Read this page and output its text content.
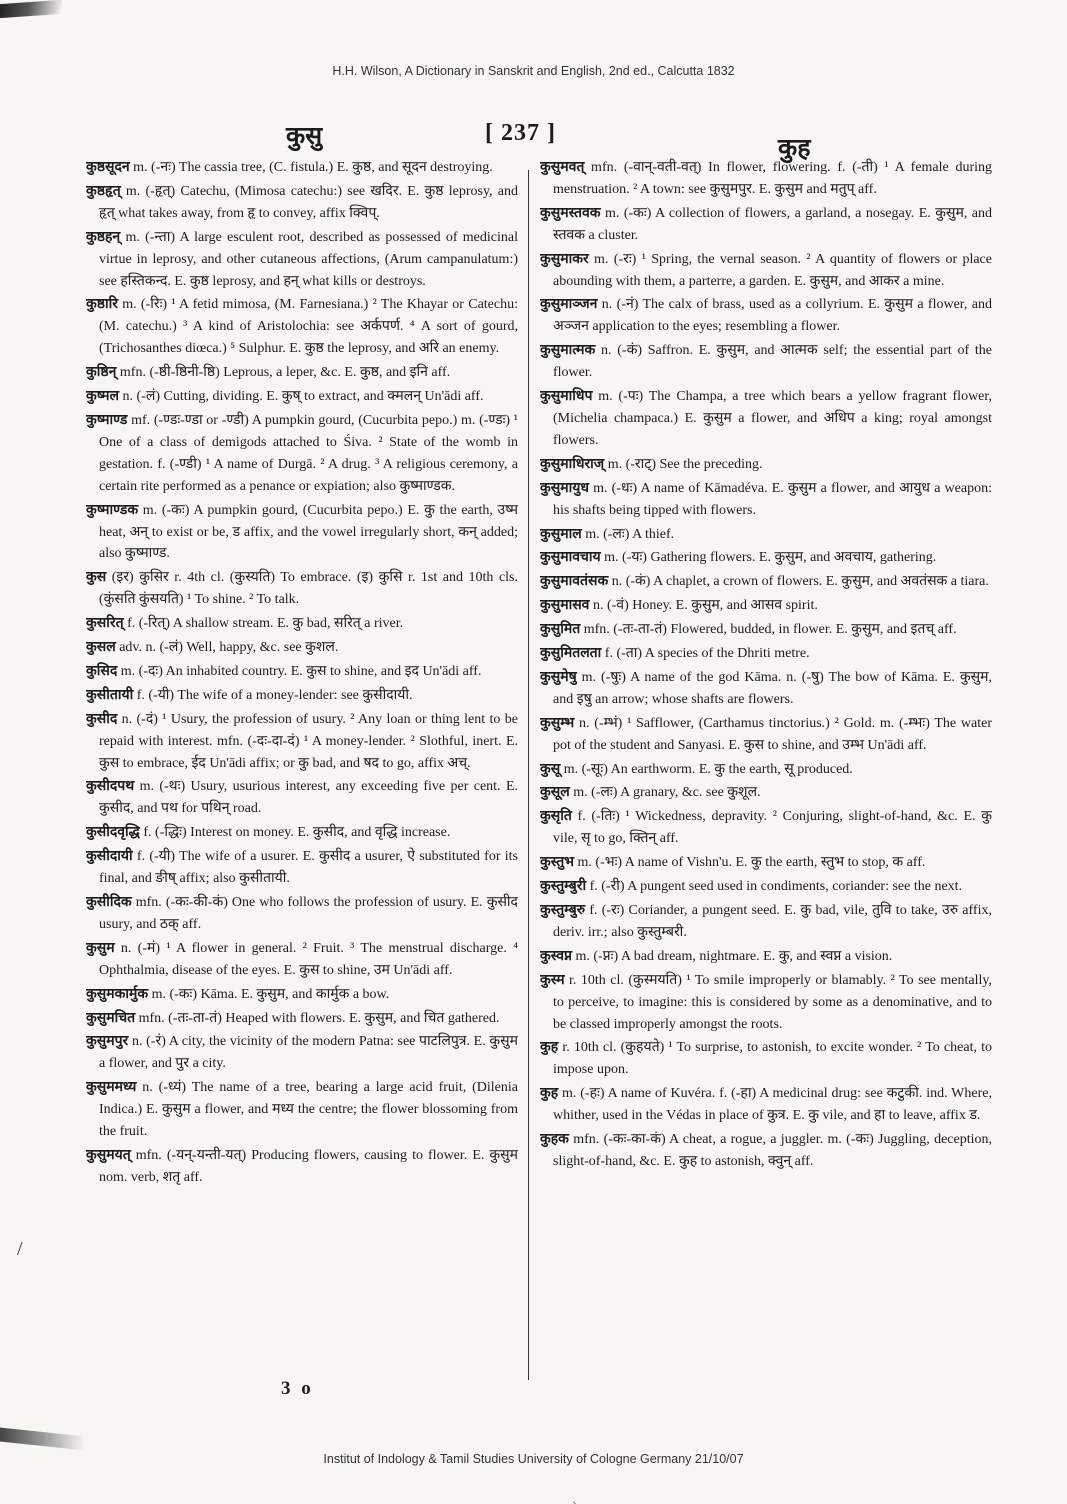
H.H. Wilson, A Dictionary in Sanskrit and English, 2nd ed., Calcutta 1832
कुसु	[ 237 ]
कुह

कुष्ठसूदन m. (-नः) The cassia tree, (C. fistula.) E. कुष्ठ, and सूदन destroying.

कुष्ठहृत् m. (-हृत्) Catechu, (Mimosa catechu:) see खदिर. E. कुष्ठ leprosy, and हृत् what takes away, from हृ to convey, affix क्विप्.

कुष्ठहन् m. (-न्ता) A large esculent root, described as possessed of medicinal virtue in leprosy, and other cutaneous affections, (Arum campanulatum:) see हस्तिकन्द. E. कुष्ठ leprosy, and हन् what kills or destroys.

कुष्ठारि m. (-रिः) ¹ A fetid mimosa, (M. Farnesiana.) ² The Khayar or Catechu: (M. catechu.) ³ A kind of Aristolochia: see अर्कपर्ण. ⁴ A sort of gourd, (Trichosanthes diœca.) ⁵ Sulphur. E. कुष्ठ the leprosy, and अरि an enemy.

कुष्ठिन् mfn. (-ष्ठी-ष्ठिनी-ष्ठि) Leprous, a leper, &c. E. कुष्ठ, and इनि aff.

कुष्मल n. (-लं) Cutting, dividing. E. कुष् to extract, and क्मलन् Un'ādi aff.

कुष्माण्ड mf. (-ण्डः-ण्डा or -ण्डी) A pumpkin gourd, (Cucurbita pepo.) m. (-ण्डः) ¹ One of a class of demigods attached to Śiva. ² State of the womb in gestation. f. (-ण्डी) ¹ A name of Durgā. ² A drug. ³ A religious ceremony, a certain rite performed as a penance or expiation; also कुष्माण्डक.

कुष्माण्डक m. (-कः) A pumpkin gourd, (Cucurbita pepo.) E. कु the earth, उष्म heat, अन् to exist or be, ड affix, and the vowel irregularly short, कन् added; also कुष्माण्ड.

कुस (इर) कुसिर r. 4th cl. (कुस्यति) To embrace. (इ) कुसि r. 1st and 10th cls. (कुंसति कुंसयति) ¹ To shine. ² To talk.

कुसरित् f. (-रित्) A shallow stream. E. कु bad, सरित् a river.

कुसल adv. n. (-लं) Well, happy, &c. see कुशल.

कुसिद m. (-दः) An inhabited country. E. कुस to shine, and इद Un'ādi aff.

कुसीतायी f. (-यी) The wife of a money-lender: see कुसीदायी.

कुसीद n. (-दं) ¹ Usury, the profession of usury. ² Any loan or thing lent to be repaid with interest. mfn. (-दः-दा-दं) ¹ A money-lender. ² Slothful, inert. E. कुस to embrace, ईद Un'ādi affix; or कु bad, and षद to go, affix अच्.

कुसीदपथ m. (-थः) Usury, usurious interest, any exceeding five per cent. E. कुसीद, and पथ for पथिन् road.

कुसीदवृद्धि f. (-द्धिः) Interest on money. E. कुसीद, and वृद्धि increase.

कुसीदायी f. (-यी) The wife of a usurer. E. कुसीद a usurer, ऐ substituted for its final, and ङीष् affix; also कुसीतायी.

कुसीदिक mfn. (-कः-की-कं) One who follows the profession of usury. E. कुसीद usury, and ठक् aff.

कुसुम n. (-मं) ¹ A flower in general. ² Fruit. ³ The menstrual discharge. ⁴ Ophthalmia, disease of the eyes. E. कुस to shine, उम Un'ādi aff.

कुसुमकार्मुक m. (-कः) Kāma. E. कुसुम, and कार्मुक a bow.

कुसुमचित mfn. (-तः-ता-तं) Heaped with flowers. E. कुसुम, and चित gathered.

कुसुमपुर n. (-रं) A city, the vicinity of the modern Patna: see पाटलिपुत्र. E. कुसुम a flower, and पुर a city.

कुसुममध्य n. (-ध्यं) The name of a tree, bearing a large acid fruit, (Dilenia Indica.) E. कुसुम a flower, and मध्य the centre; the flower blossoming from the fruit.

कुसुमयत् mfn. (-यन्-यन्ती-यत्) Producing flowers, causing to flower. E. कुसुम nom. verb, शतृ aff.

कुसुमवत् mfn. (-वान्-वती-वत्) In flower, flowering. f. (-ती) ¹ A female during menstruation. ² A town: see कुसुमपुर. E. कुसुम and मतुप् aff.

कुसुमस्तवक m. (-कः) A collection of flowers, a garland, a nosegay. E. कुसुम, and स्तवक a cluster.

कुसुमाकर m. (-रः) ¹ Spring, the vernal season. ² A quantity of flowers or place abounding with them, a parterre, a garden. E. कुसुम, and आकर a mine.

कुसुमाञ्जन n. (-नं) The calx of brass, used as a collyrium. E. कुसुम a flower, and अञ्जन application to the eyes; resembling a flower.

कुसुमात्मक n. (-कं) Saffron. E. कुसुम, and आत्मक self; the essential part of the flower.

कुसुमाधिप m. (-पः) The Champa, a tree which bears a yellow fragrant flower, (Michelia champaca.) E. कुसुम a flower, and अधिप a king; royal amongst flowers.

कुसुमाधिराज् m. (-राट्) See the preceding.

कुसुमायुध m. (-धः) A name of Kāmadéva. E. कुसुम a flower, and आयुध a weapon: his shafts being tipped with flowers.

कुसुमाल m. (-लः) A thief.

कुसुमावचाय m. (-यः) Gathering flowers. E. कुसुम, and अवचाय, gathering.

कुसुमावतंसक n. (-कं) A chaplet, a crown of flowers. E. कुसुम, and अवतंसक a tiara.

कुसुमासव n. (-वं) Honey. E. कुसुम, and आसव spirit.

कुसुमित mfn. (-तः-ता-तं) Flowered, budded, in flower. E. कुसुम, and इतच् aff.

कुसुमितलता f. (-ता) A species of the Dhriti metre.

कुसुमेषु m. (-षुः) A name of the god Kāma. n. (-षु) The bow of Kāma. E. कुसुम, and इषु an arrow; whose shafts are flowers.

कुसुम्भ n. (-म्भं) ¹ Safflower, (Carthamus tinctorius.) ² Gold. m. (-म्भः) The water pot of the student and Sanyasi. E. कुस to shine, and उम्भ Un'ādi aff.

कुसू m. (-सूः) An earthworm. E. कु the earth, सू produced.

कुसूल m. (-लः) A granary, &c. see कुशूल.

कुसृति f. (-तिः) ¹ Wickedness, depravity. ² Conjuring, slight-of-hand, &c. E. कु vile, सृ to go, क्तिन् aff.

कुस्तुभ m. (-भः) A name of Vishn'u. E. कु the earth, स्तुभ to stop, क aff.

कुस्तुम्बुरी f. (-री) A pungent seed used in condiments, coriander: see the next.

कुस्तुम्बुरु f. (-रः) Coriander, a pungent seed. E. कु bad, vile, तुवि to take, उरु affix, deriv. irr.; also कुस्तुम्बरी.

कुस्वप्न m. (-प्नः) A bad dream, nightmare. E. कु, and स्वप्न a vision.

कुस्म r. 10th cl. (कुस्मयति) ¹ To smile improperly or blamably. ² To see mentally, to perceive, to imagine: this is considered by some as a denominative, and to be classed improperly amongst the roots.

कुह r. 10th cl. (कुहयते) ¹ To surprise, to astonish, to excite wonder. ² To cheat, to impose upon.

कुह m. (-हः) A name of Kuvéra. f. (-हा) A medicinal drug: see कटुकी. ind. Where, whither, used in the Védas in place of कुत्र. E. कु vile, and हा to leave, affix ड.

कुहक mfn. (-कः-का-कं) A cheat, a rogue, a juggler. m. (-कः) Juggling, deception, slight-of-hand, &c. E. कुह to astonish, क्वुन् aff.

/
3 o
Institut of Indology & Tamil Studies University of Cologne Germany 21/10/07
ˎ
